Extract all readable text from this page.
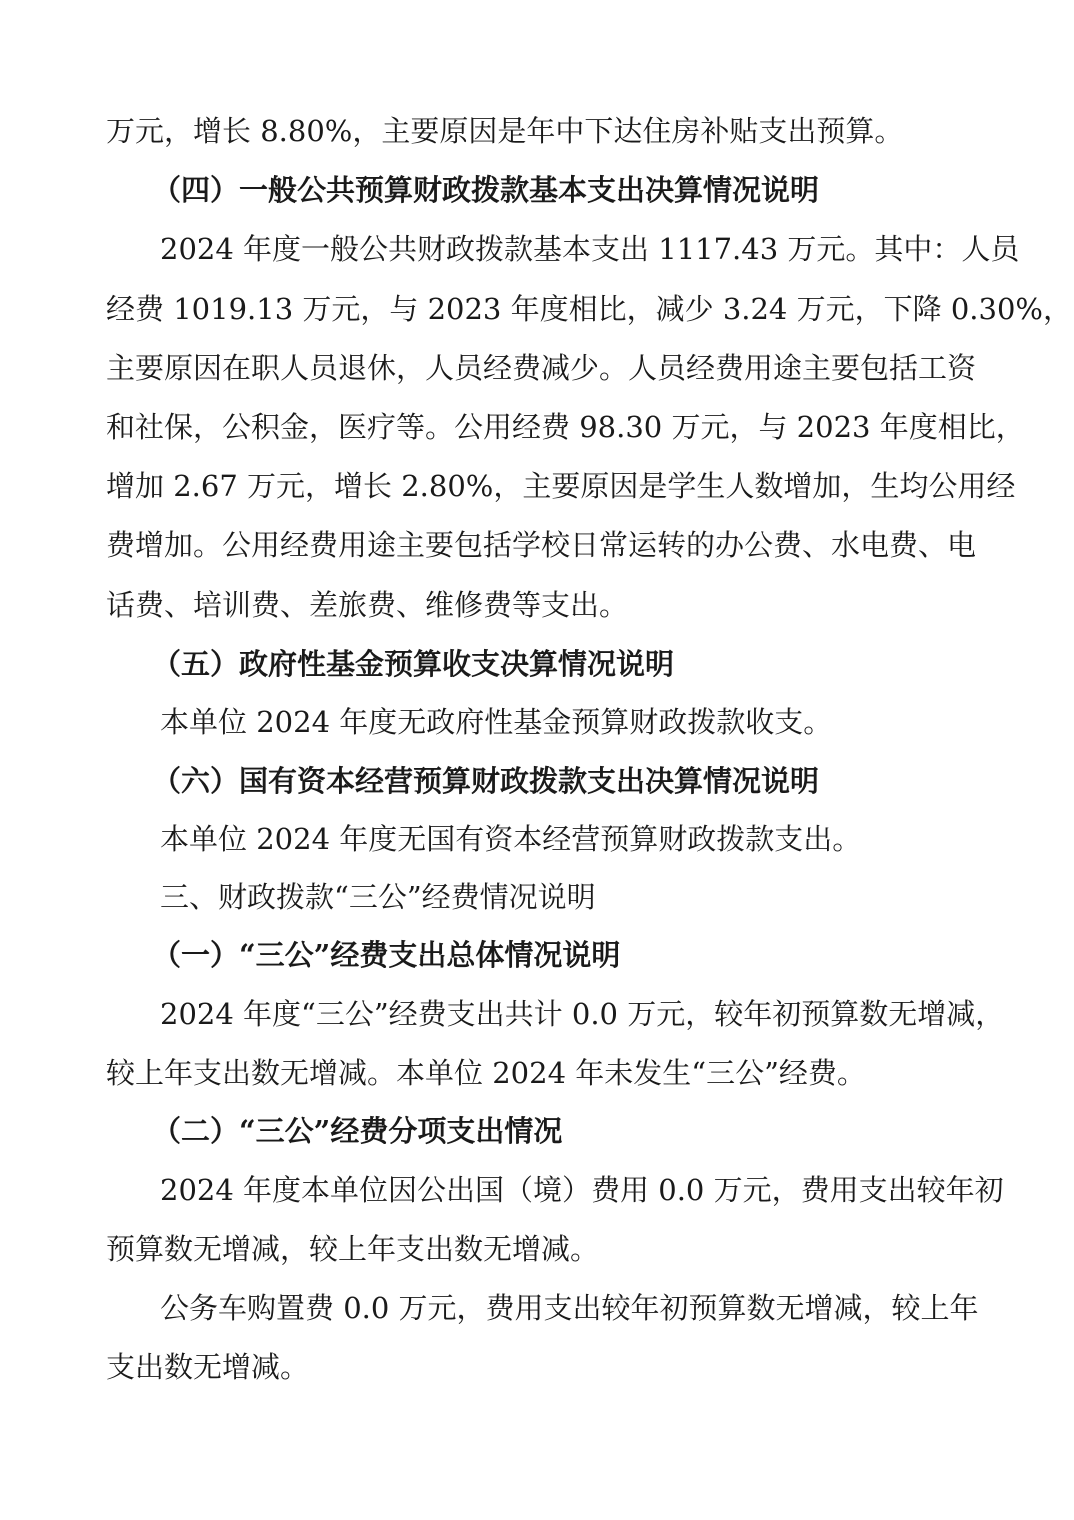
万元，增长 8.80%，主要原因是年中下达住房补贴支出预算。
（四）一般公共预算财政拨款基本支出决算情况说明
2024 年度一般公共财政拨款基本支出 1117.43 万元。其中：人员
经费 1019.13 万元，与 2023 年度相比，减少 3.24 万元，下降 0.30%，
主要原因在职人员退休，人员经费减少。人员经费用途主要包括工资
和社保，公积金，医疗等。公用经费 98.30 万元，与 2023 年度相比，
增加 2.67 万元，增长 2.80%，主要原因是学生人数增加，生均公用经
费增加。公用经费用途主要包括学校日常运转的办公费、水电费、电
话费、培训费、差旅费、维修费等支出。
（五）政府性基金预算收支决算情况说明
本单位 2024 年度无政府性基金预算财政拨款收支。
（六）国有资本经营预算财政拨款支出决算情况说明
本单位 2024 年度无国有资本经营预算财政拨款支出。
三、财政拨款“三公”经费情况说明
（一）“三公”经费支出总体情况说明
2024 年度“三公”经费支出共计 0.0 万元，较年初预算数无增减，
较上年支出数无增减。本单位 2024 年未发生“三公”经费。
（二）“三公”经费分项支出情况
2024 年度本单位因公出国（境）费用 0.0 万元，费用支出较年初
预算数无增减，较上年支出数无增减。
公务车购置费 0.0 万元，费用支出较年初预算数无增减，较上年
支出数无增减。
